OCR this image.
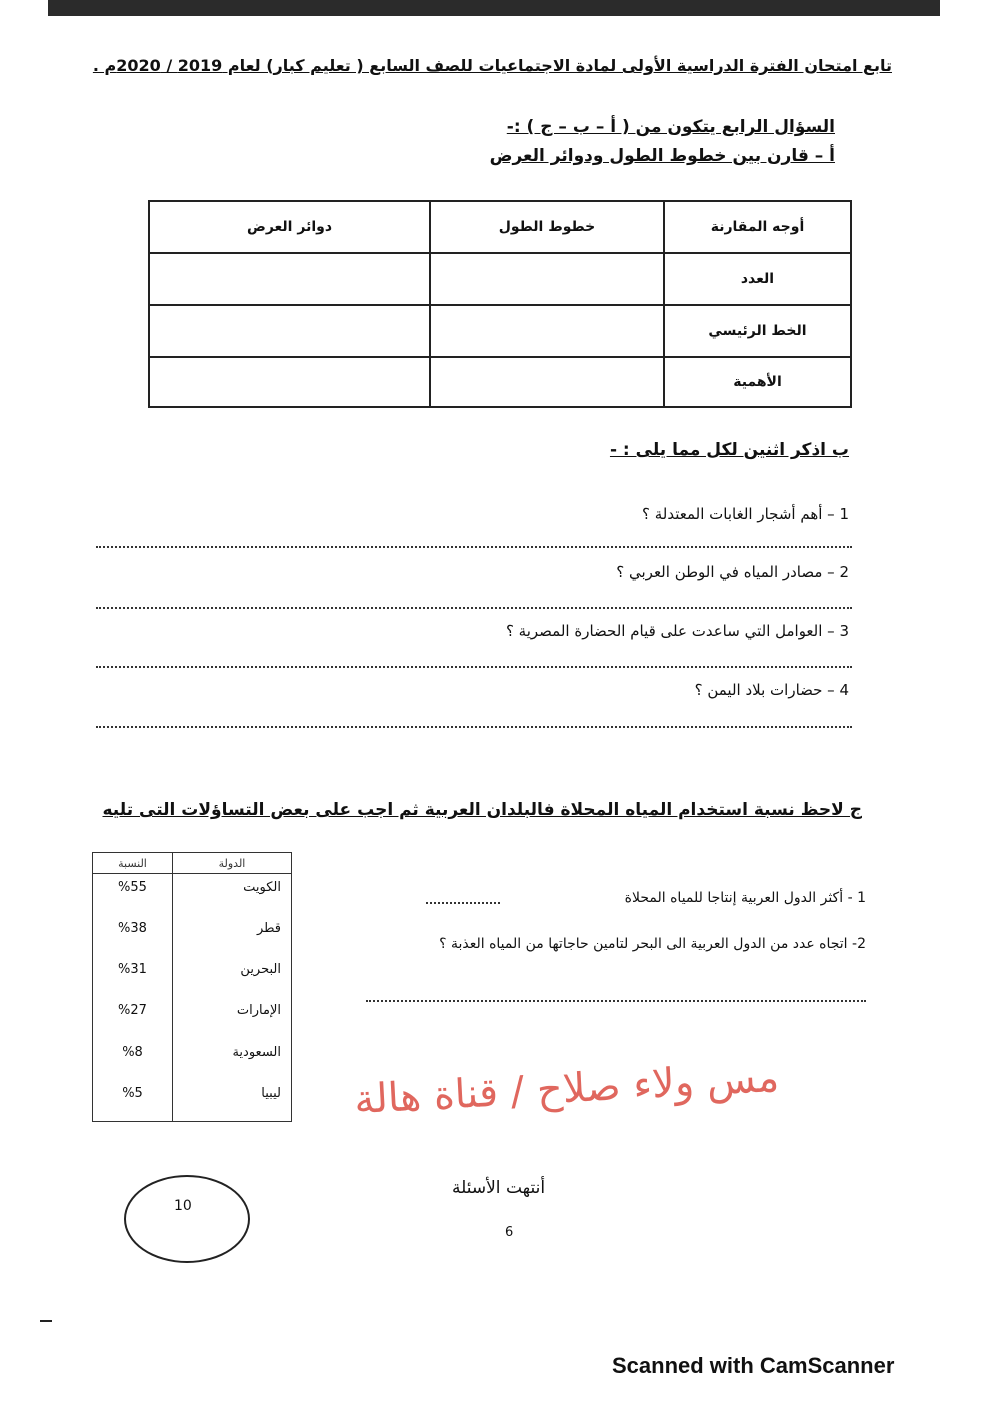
تابع امتحان الفترة الدراسية الأولى لمادة الاجتماعيات للصف السابع ( تعليم كبار) لعام 2019 / 2020م .
السؤال الرابع يتكون من ( أ – ب – ج ) :-
أ – قارن بين خطوط الطول ودوائر العرض
دوائر العرض	خطوط الطول	أوجه المقارنة
		العدد
		الخط الرئيسي
		الأهمية
ب اذكر اثنين لكل مما يلى : -
1 – أهم أشجار الغابات المعتدلة ؟
2 – مصادر المياه في الوطن العربي ؟
3 – العوامل التي ساعدت على قيام الحضارة المصرية ؟
4 – حضارات بلاد اليمن ؟
ج لاحظ نسبة استخدام المياه المحلاة فالبلدان العربية ثم اجب على بعض التساؤلات التى تليه
النسبة	الدولة
%55	الكويت
%38	قطر
%31	البحرين
%27	الإمارات
%8	السعودية
%5	ليبيا
1 - أكثر الدول العربية إنتاجا للمياه المحلاة
2- اتجاه عدد من الدول العربية الى البحر لتامين حاجاتها من المياه العذبة ؟
مس ولاء صلاح / قناة هالة
أنتهت الأسئلة
6
10
Scanned with CamScanner
